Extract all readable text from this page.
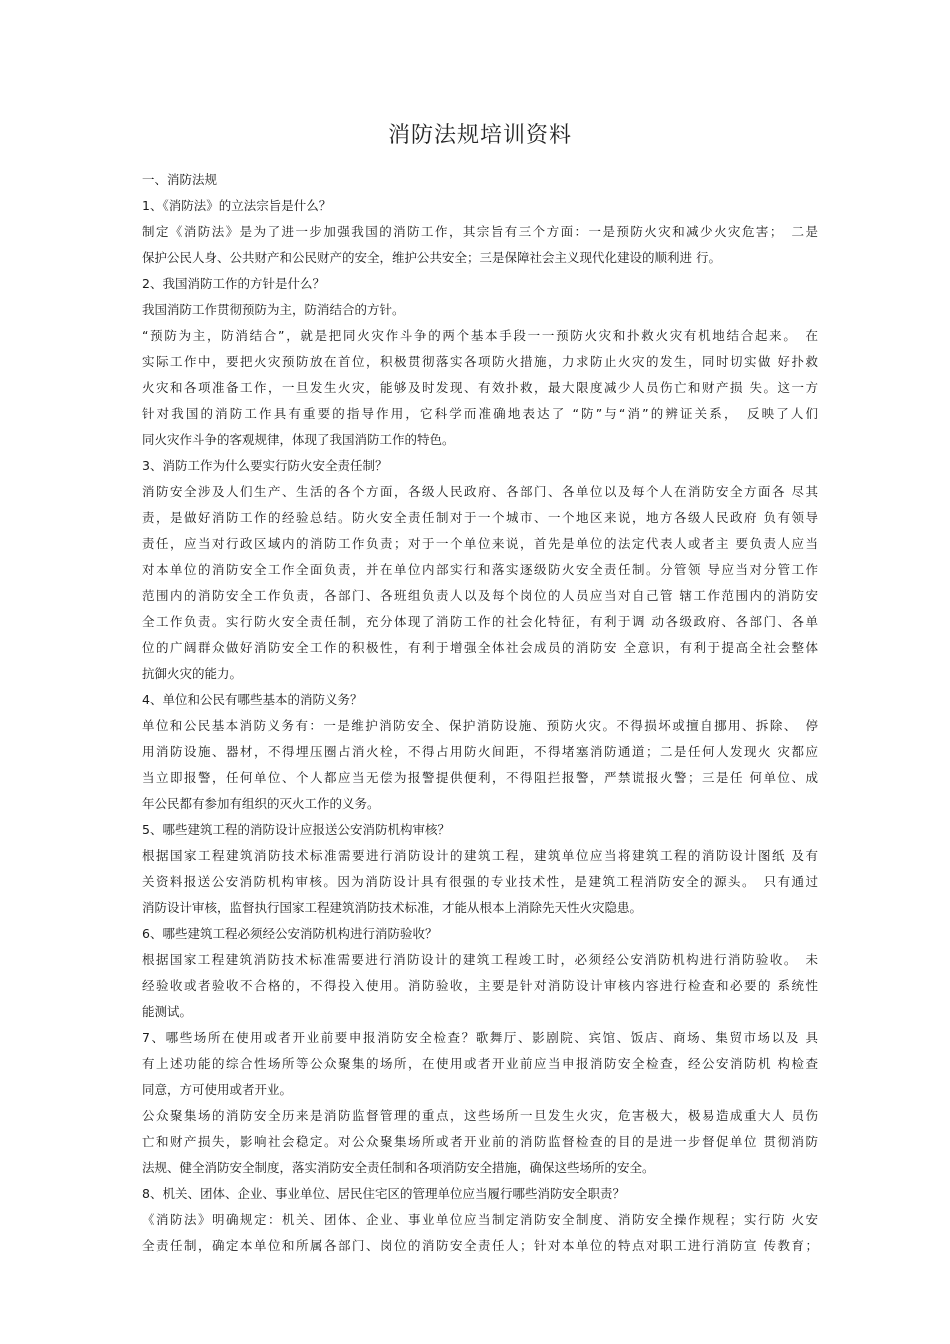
消防法规培训资料
一、消防法规
1、《消防法》的立法宗旨是什么？
制定《消防法》是为了进一步加强我国的消防工作，其宗旨有三个方面：一是预防火灾和减少火灾危害；　二是
保护公民人身、公共财产和公民财产的安全，维护公共安全；三是保障社会主义现代化建设的顺利进 行。
2、我国消防工作的方针是什么？
我国消防工作贯彻预防为主，防消结合的方针。
“预防为主，防消结合”，就是把同火灾作斗争的两个基本手段一一预防火灾和扑救火灾有机地结合起来。　在
实际工作中，要把火灾预防放在首位，积极贯彻落实各项防火措施，力求防止火灾的发生，同时切实做 好扑救
火灾和各项准备工作，一旦发生火灾，能够及时发现、有效扑救，最大限度减少人员伤亡和财产损 失。这一方
针对我国的消防工作具有重要的指导作用，它科学而准确地表达了 “防”与“消”的辨证关系，　反映了人们
同火灾作斗争的客观规律，体现了我国消防工作的特色。
3、消防工作为什么要实行防火安全责任制？
消防安全涉及人们生产、生活的各个方面，各级人民政府、各部门、各单位以及每个人在消防安全方面各 尽其
责，是做好消防工作的经验总结。防火安全责任制对于一个城市、一个地区来说，地方各级人民政府 负有领导
责任，应当对行政区域内的消防工作负责；对于一个单位来说，首先是单位的法定代表人或者主 要负责人应当
对本单位的消防安全工作全面负责，并在单位内部实行和落实逐级防火安全责任制。分管领 导应当对分管工作
范围内的消防安全工作负责，各部门、各班组负责人以及每个岗位的人员应当对自己管 辖工作范围内的消防安
全工作负责。实行防火安全责任制，充分体现了消防工作的社会化特征，有利于调 动各级政府、各部门、各单
位的广阔群众做好消防安全工作的积极性，有利于增强全体社会成员的消防安 全意识，有利于提高全社会整体
抗御火灾的能力。
4、单位和公民有哪些基本的消防义务？
单位和公民基本消防义务有：一是维护消防安全、保护消防设施、预防火灾。不得损坏或擅自挪用、拆除、　停
用消防设施、器材，不得埋压圈占消火栓，不得占用防火间距，不得堵塞消防通道；二是任何人发现火 灾都应
当立即报警，任何单位、个人都应当无偿为报警提供便利，不得阻拦报警，严禁谎报火警；三是任 何单位、成
年公民都有参加有组织的灭火工作的义务。
5、哪些建筑工程的消防设计应报送公安消防机构审核？
根据国家工程建筑消防技术标准需要进行消防设计的建筑工程，建筑单位应当将建筑工程的消防设计图纸 及有
关资料报送公安消防机构审核。因为消防设计具有很强的专业技术性，是建筑工程消防安全的源头。　只有通过
消防设计审核，监督执行国家工程建筑消防技术标准，才能从根本上消除先天性火灾隐患。
6、哪些建筑工程必须经公安消防机构进行消防验收？
根据国家工程建筑消防技术标准需要进行消防设计的建筑工程竣工时，必须经公安消防机构进行消防验收。　未
经验收或者验收不合格的，不得投入使用。消防验收，主要是针对消防设计审核内容进行检查和必要的 系统性
能测试。
7、哪些场所在使用或者开业前要申报消防安全检查？歌舞厅、影剧院、宾馆、饭店、商场、集贸市场以及 具
有上述功能的综合性场所等公众聚集的场所，在使用或者开业前应当申报消防安全检查，经公安消防机 构检查
同意，方可使用或者开业。
公众聚集场的消防安全历来是消防监督管理的重点，这些场所一旦发生火灾，危害极大，极易造成重大人 员伤
亡和财产损失，影响社会稳定。对公众聚集场所或者开业前的消防监督检查的目的是进一步督促单位 贯彻消防
法规、健全消防安全制度，落实消防安全责任制和各项消防安全措施，确保这些场所的安全。
8、机关、团体、企业、事业单位、居民住宅区的管理单位应当履行哪些消防安全职责？
《消防法》明确规定：机关、团体、企业、事业单位应当制定消防安全制度、消防安全操作规程；实行防 火安
全责任制，确定本单位和所属各部门、岗位的消防安全责任人；针对本单位的特点对职工进行消防宣 传教育；
